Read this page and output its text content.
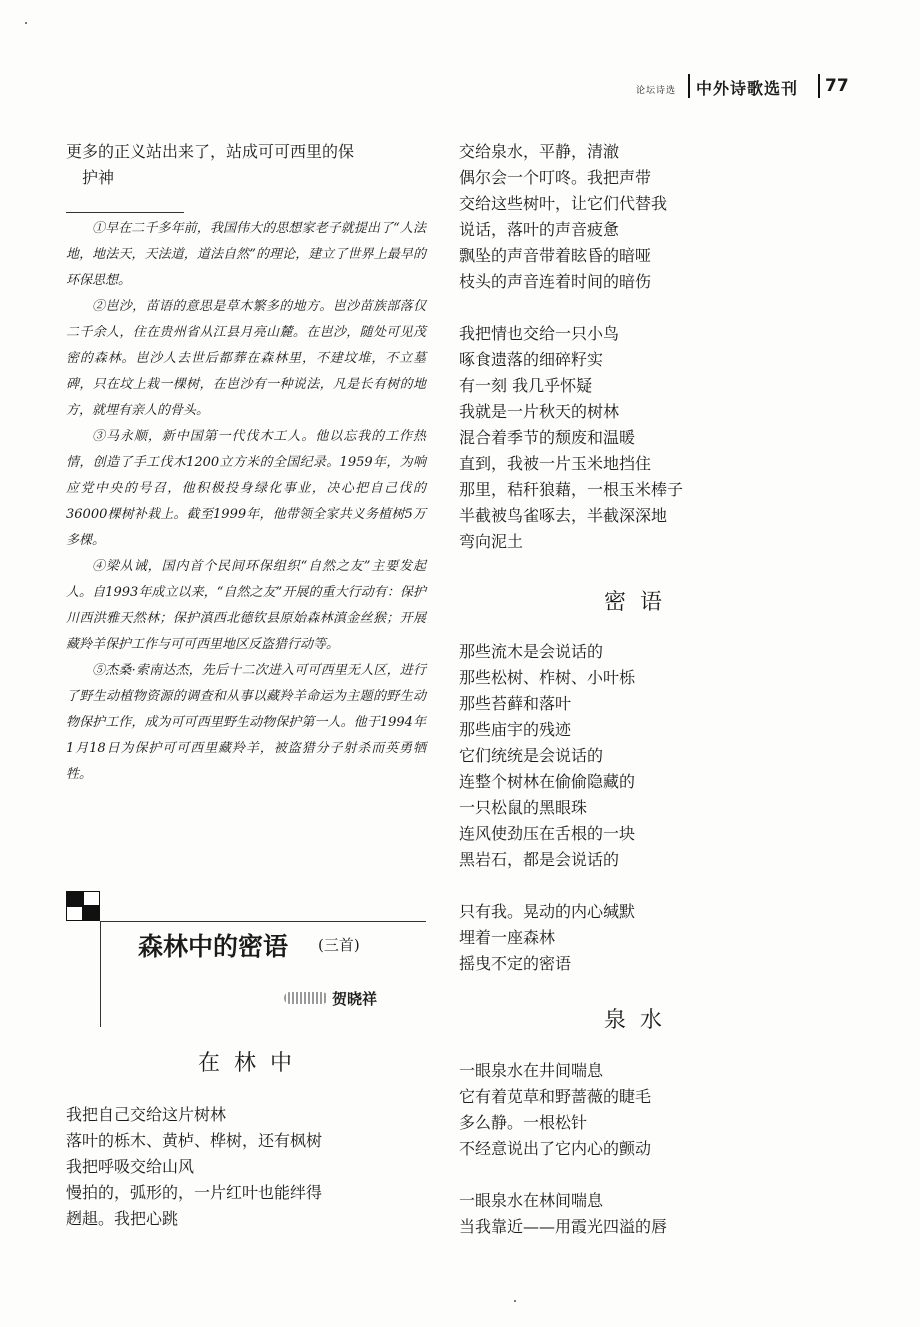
论坛诗选 中外诗歌选刊 77
更多的正义站出来了，站成可可西里的保
护神

①早在二千多年前，我国伟大的思想家老子就提出了“人法地，地法天，天法道，道法自然”的理论，建立了世界上最早的环保思想。

②岜沙，苗语的意思是草木繁多的地方。岜沙苗族部落仅二千余人，住在贵州省从江县月亮山麓。在岜沙，随处可见茂密的森林。岜沙人去世后都葬在森林里，不建坟堆，不立墓碑，只在坟上栽一棵树，在岜沙有一种说法，凡是长有树的地方，就埋有亲人的骨头。

③马永顺，新中国第一代伐木工人。他以忘我的工作热情，创造了手工伐木1200立方米的全国纪录。1959年，为响应党中央的号召，他积极投身绿化事业，决心把自己伐的36000棵树补栽上。截至1999年，他带领全家共义务植树5万多棵。

④梁从诫，国内首个民间环保组织“自然之友”主要发起人。自1993年成立以来，“自然之友”开展的重大行动有：保护川西洪雅天然林；保护滇西北德钦县原始森林滇金丝猴；开展藏羚羊保护工作与可可西里地区反盗猎行动等。

⑤杰桑·索南达杰，先后十二次进入可可西里无人区，进行了野生动植物资源的调查和从事以藏羚羊命运为主题的野生动物保护工作，成为可可西里野生动物保护第一人。他于1994年1月18日为保护可可西里藏羚羊，被盗猎分子射杀而英勇牺牲。

森林中的密语 (三首)
贺晓祥
在林中
我把自己交给这片树林
落叶的栎木、黄栌、桦树，还有枫树
我把呼吸交给山风
慢拍的，弧形的，一片红叶也能绊得
趔趄。我把心跳
交给泉水，平静，清澈
偶尔会一个叮咚。我把声带
交给这些树叶，让它们代替我
说话，落叶的声音疲惫
飘坠的声音带着眩昏的暗哑
枝头的声音连着时间的暗伤

我把情也交给一只小鸟
啄食遗落的细碎籽实
有一刻 我几乎怀疑
我就是一片秋天的树林
混合着季节的颓废和温暖
直到，我被一片玉米地挡住
那里，秸秆狼藉，一根玉米棒子
半截被鸟雀啄去，半截深深地
弯向泥土
密语
那些流木是会说话的
那些松树、柞树、小叶栎
那些苔藓和落叶
那些庙宇的残迹
它们统统是会说话的
连整个树林在偷偷隐藏的
一只松鼠的黑眼珠
连风使劲压在舌根的一块
黑岩石，都是会说话的

只有我。晃动的内心缄默
埋着一座森林
摇曳不定的密语
泉水
一眼泉水在井间喘息
它有着苋草和野蔷薇的睫毛
多么静。一根松针
不经意说出了它内心的颤动

一眼泉水在林间喘息
当我靠近——用霞光四溢的唇
